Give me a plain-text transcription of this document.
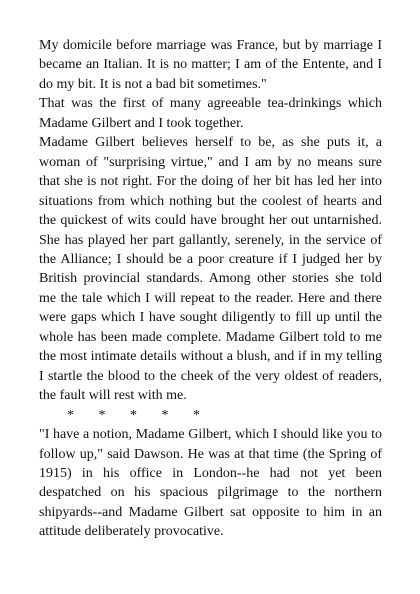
My domicile before marriage was France, but by marriage I became an Italian. It is no matter; I am of the Entente, and I do my bit. It is not a bad bit sometimes."

That was the first of many agreeable tea-drinkings which Madame Gilbert and I took together.

Madame Gilbert believes herself to be, as she puts it, a woman of "surprising virtue," and I am by no means sure that she is not right. For the doing of her bit has led her into situations from which nothing but the coolest of hearts and the quickest of wits could have brought her out untarnished. She has played her part gallantly, serenely, in the service of the Alliance; I should be a poor creature if I judged her by British provincial standards. Among other stories she told me the tale which I will repeat to the reader. Here and there were gaps which I have sought diligently to fill up until the whole has been made complete. Madame Gilbert told to me the most intimate details without a blush, and if in my telling I startle the blood to the cheek of the very oldest of readers, the fault will rest with me.

*       *       *       *       *

"I have a notion, Madame Gilbert, which I should like you to follow up," said Dawson. He was at that time (the Spring of 1915) in his office in London--he had not yet been despatched on his spacious pilgrimage to the northern shipyards--and Madame Gilbert sat opposite to him in an attitude deliberately provocative.
